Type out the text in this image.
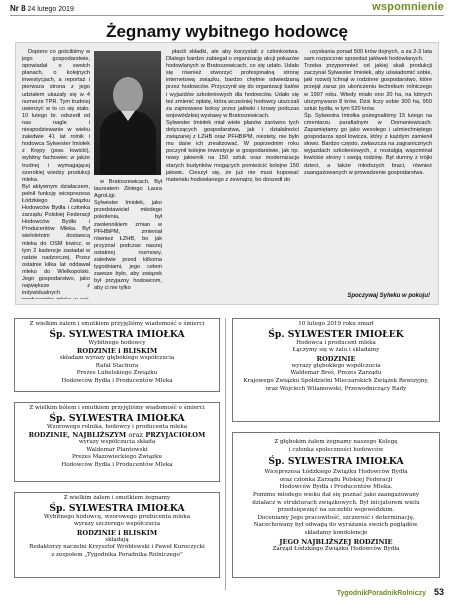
Nr 8 24 lutego 2019	wspomnienie
Żegnamy wybitnego hodowcę

Dopiero co gościliśmy w jego gospodarstwie, opowiadał o swoich planach, o kolejnych inwestycjach, a reportaż i pierwsza strona z jego udziałem ukazały się w 4 numerze TPR. Tym trudniej uwierzyć w to co się stało. 10 lutego br. odszedł od nas nagle i niespodziewanie w wieku zaledwie 41 lat rolnik i hodowca Sylwester Imiołek z Krępy (pow. łowicki), wybitny fachowiec w jakże trudnej i wymagającej szerokiej wiedzy produkcji mleka.
Byl aktywnym działaczem, pełnił funkcję wiceprezesa Łódzkiego Związku Hodowców Bydła i członka zarządu Polskiej Federacji Hodowców Bydła i Producentów Mleka. Był wieloletnim dostawcą mleka do OSM łowicz, w tym 2 kadencje zasiadał w radzie nadzorczej. Przez ostatnie kilka lat oddawał mleko do Wielkopolski. Jego gospodarstwo, jako największe z indywidualnych

w Bratoszewicach. Był laureatem Złotego Laura AgroLigi.
Sylwester Imiołek, jako przedstawiciel młodego pokolenia, był zwolennikiem zmian w PFHBiPM, zmieniał również ŁZHB, bo jak przyznał podczas naszej ostatniej rozmowy, zaledwie przed kilkoma tygodniami, jego celem zawsze było, aby związek był przyjazny hodowcom, aby ci nie tylko

płacili składki, ale aby korzystali z członkostwa. Dlatego bardzo zabiegał o organizację akcji pokazów hodowlanych w Bratoszewicach, co się udało. Udało się również stworzyć profesjonalną stronę internetową związku, bardzo chętnie odwiedzaną przez hodowców. Przyczynił się do organizacji balów i wyjazdów szkoleniowych dla hodowców. Udało się też zmienić opłatę, która wcześniej hodowcy uiszczali za zajmowane boksy przez jałówki i krowy podczas wojewódzkiej wystawy w Bratoszewicach.
Sylwester Imiołek miał wiele planów zarówno tych dotyczących gospodarstwa, jak i działalności związanej z ŁZHB oraz PFHBIPM, niestety, nie było mu dane ich zrealizować. W poprzednim roku poczynił kolejne inwestycje w gospodarstwie, jak np. nowy jałownik na 150 sztuk oraz modernizacja starych budynków mogących pomieścić kolejne 150 jałowic. Cieszył się, że już nie musi kupować materiału hodowlanego z zewnątrz, bo doszedł do

uzyskania ponad 500 krów dojnych, a za 2-3 lata sam rozpocznie sprzedaż jałówek hodowlanych.
Trzeba przypomnieć od jakiej skali produkcji zaczynał Sylwester Imiołek, aby uświadomić sobie, jaki rozwój tchnął w rodzinne gospodarstwo, które przejął zaraz po ukończeniu technikum rolniczego w 1997 roku. Wtedy miało ono 20 ha, na których utrzymywano 8 krów. Dziś liczy sobie 300 ha, 950 sztuk bydła, w tym 520 krów.
Śp. Sylwestra Imiołka pożegnaliśmy 15 lutego na cmentarzu parafialnym w Domaniewicach. Zapamiętamy go jako wesołego i uśmiechniętego gospodarza społ łowicza, który z każdym zamienił słowo. Bardzo często, zwłaszcza na zagranicznych wyjazdach szkoleniowych, z nostalgią wspominał łowickie strony i swoją rodzinę. Był dumny z trójki dzieci, a także młodszych braci, również zaangażowanych w prowadzenie gospodarstwa.

Spoczywaj Sylwku w pokoju!
Z wielkim żalem i smutkiem przyjęliśmy wiadomość o śmierci
Śp. SYLWESTRA IMIOŁKA
Wybitnego hodowcy
RODZINIE i BLISKIM
składam wyrazy głębokiego współczucia
Rafał Stachura
Prezes Lubelskiego Związku
Hodowców Bydła i Producentów Mleka
Z wielkim bólem i smutkiem przyjęliśmy wiadomość o śmierci
Śp. SYLWESTRA IMIOŁKA
Wzorowego rolnika, hodowcy i producenta mleka
RODZINIE, NAJBLIŻSZYM oraz PRZYJACIOŁOM
wyrazy współczucia składa
Waldemar Plantowski
Prezes Mazowieckiego Związku
Hodowców Bydła i Producentów Mleka
Z wielkim żalem i smutkiem żegnamy
Śp. SYLWESTRA IMIOŁKA
Wybitnego hodowcę, wzorowego producenta mleka
wyrazy szczerego współczucia
RODZINIE i BLISKIM
składają
Redaktorzy naczelni Krzysztof Wróblewski i Paweł Kuroczycki
z zespołem „Tygodnika Poradnika Rolniczego”
10 lutego 2019 roku zmarł
Śp. SYLWESTER IMIOŁEK
Hodowca i producent mleka
Łączymy się w żalu i składamy
RODZINIE
wyrazy głębokiego współczucia
Waldemar Broś, Prezes Zarządu
Krajowego Związku Spółdzielni Mleczarskich Związek Rewizyjny,
oraz Wojciech Wilamowski, Przewodniczący Rady
Z głębokim żalem żegnamy naszego Kolegę
i członka społeczności hodowców
Śp. SYLWESTRA IMIOŁKA
Wiceprezesa Łódzkiego Związku Hodowców Bydła
oraz członka Zarządu Polskiej Federacji
Hodowców Bydła i Producentów Mleka.
Pomimo młodego wieku dał się poznać jako zaangażowany
działacz w strukturach związkowych. Był inicjatorem wielu
przedsięwzięć na szczeblu wojewódzkim.
Doceniamy Jego pracowitość, szczerość i determinację.
Nacechowany był odwagą do wyrażania swoich poglądów.
składamy kondolencje
JEGO NAJBLIŻSZEJ RODZINIE
Zarząd Łódzkiego Związku Hodowców Bydła
TygodnikPoradnikRolniczy 53
